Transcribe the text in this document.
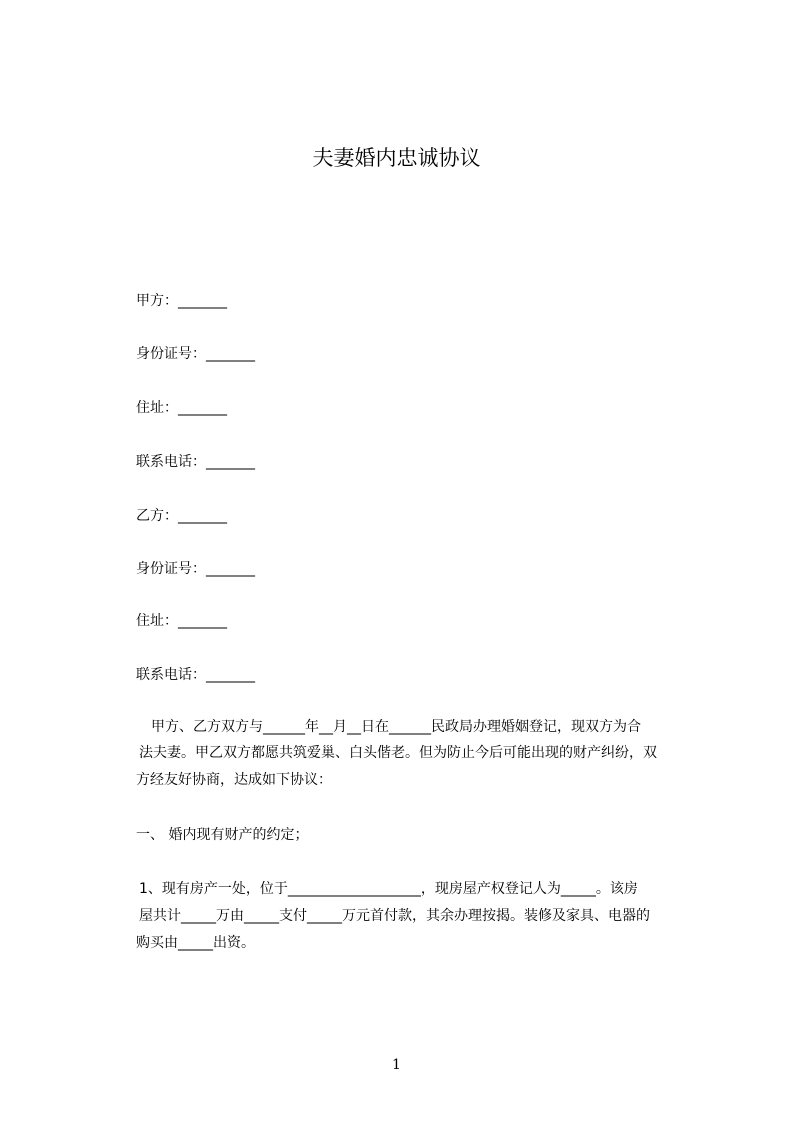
夫妻婚内忠诚协议
甲方：_______
身份证号：_______
住址：_______
联系电话：_______
乙方：_______
身份证号：_______
住址：_______
联系电话：_______
甲方、乙方双方与______年__月__日在______民政局办理婚姻登记，现双方为合
法夫妻。甲乙双方都愿共筑爱巢、白头偕老。但为防止今后可能出现的财产纠纷，双
方经友好协商，达成如下协议：
一、 婚内现有财产的约定；
1、现有房产一处，位于___________________，现房屋产权登记人为_____。该房
屋共计_____万由_____支付_____万元首付款，其余办理按揭。装修及家具、电器的
购买由_____出资。
1
